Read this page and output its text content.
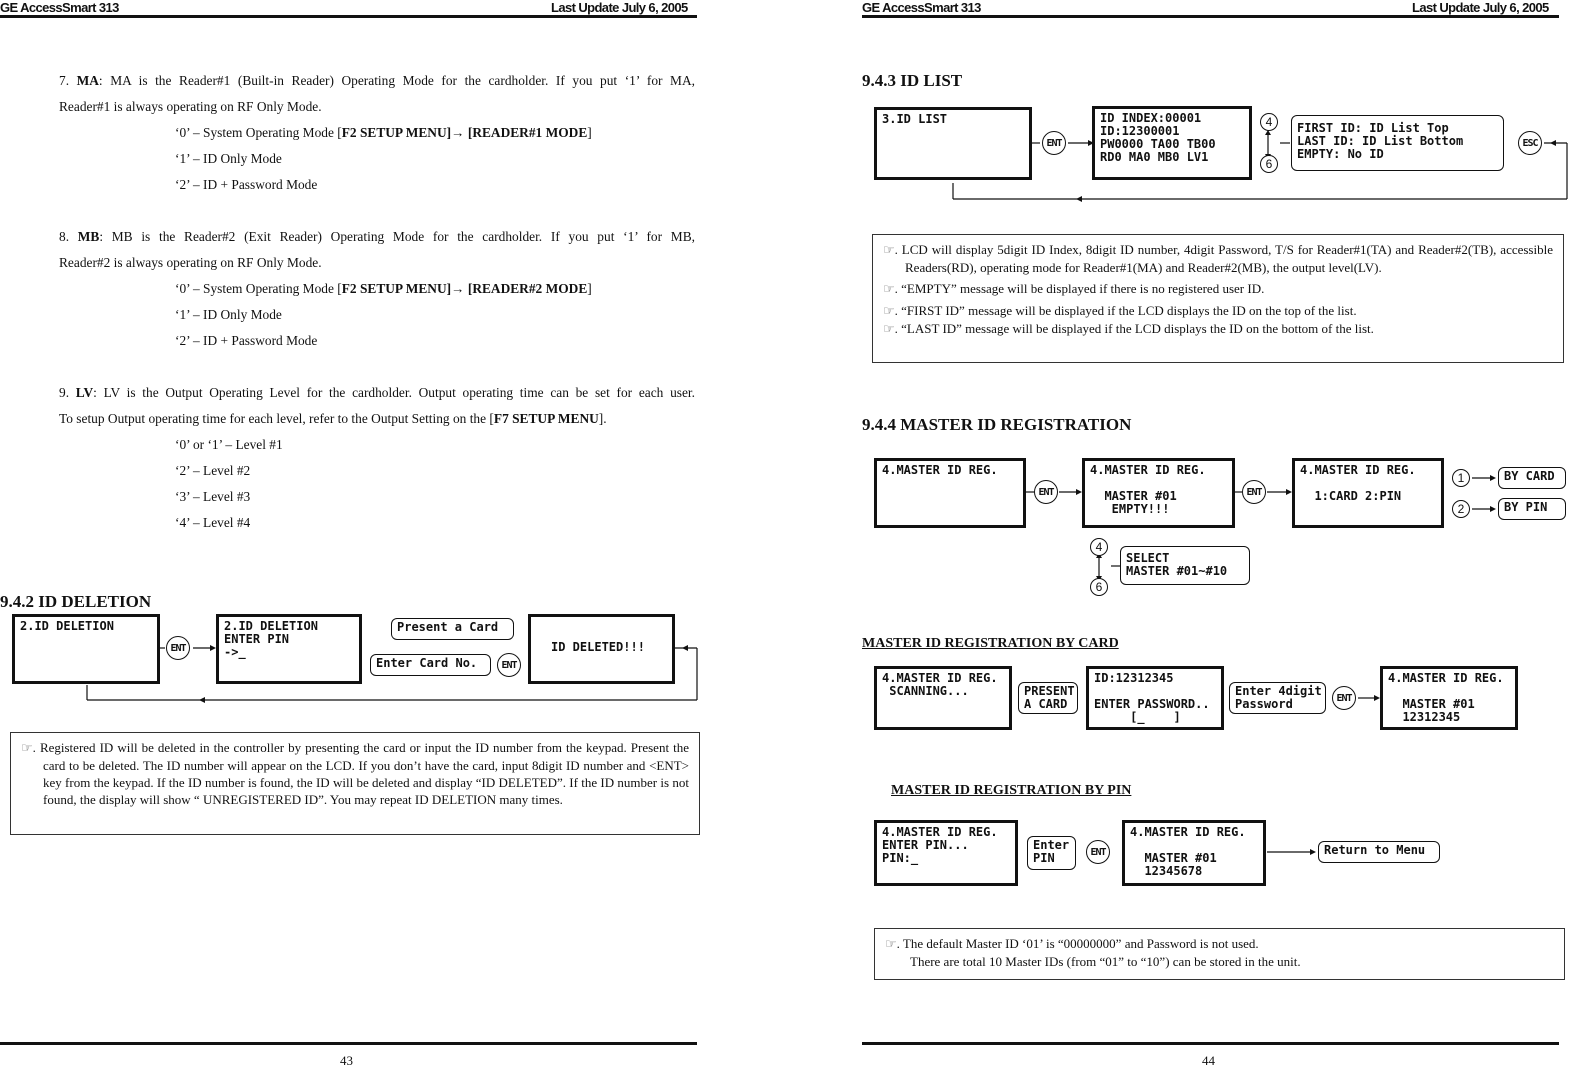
GE AccessSmart 313	Last Update July 6, 2005	GE AccessSmart 313	Last Update July 6, 2005
7. MA: MA is the Reader#1 (Built-in Reader) Operating Mode for the cardholder. If you put ‘1’ for MA,
Reader#1 is always operating on RF Only Mode.
‘0’ – System Operating Mode [F2 SETUP MENU]→ [READER#1 MODE]
‘1’ – ID Only Mode
‘2’ – ID + Password Mode
8. MB: MB is the Reader#2 (Exit Reader) Operating Mode for the cardholder. If you put ‘1’ for MB,
Reader#2 is always operating on RF Only Mode.
‘0’ – System Operating Mode [F2 SETUP MENU]→ [READER#2 MODE]
‘1’ – ID Only Mode
‘2’ – ID + Password Mode
9. LV: LV is the Output Operating Level for the cardholder. Output operating time can be set for each user.
To setup Output operating time for each level, refer to the Output Setting on the [F7 SETUP MENU].
‘0’ or ‘1’ – Level #1
‘2’ – Level #2
‘3’ – Level #3
‘4’ – Level #4
9.4.2 ID DELETION
2.ID DELETION
ENT
2.ID DELETION
ENTER PIN
->_
Present a Card
Enter Card No.	ENT
ID DELETED!!!
☞. Registered ID will be deleted in the controller by presenting the card or input the ID number from the keypad. Present the card to be deleted. The ID number will appear on the LCD. If you don’t have the card, input 8digit ID number and <ENT> key from the keypad. If the ID number is found, the ID will be deleted and display “ID DELETED”. If the ID number is not found, the display will show “ UNREGISTERED ID”. You may repeat ID DELETION many times.
43
9.4.3 ID LIST
3.ID LIST
ENT
ID INDEX:00001
ID:12300001
PW0000 TA00 TB00
RD0 MA0 MB0 LV1
4
6
FIRST ID: ID List Top
LAST ID: ID List Bottom
EMPTY: No ID
ESC
☞. LCD will display 5digit ID Index, 8digit ID number, 4digit Password, T/S for Reader#1(TA) and Reader#2(TB), accessible Readers(RD), operating mode for Reader#1(MA) and Reader#2(MB), the output level(LV).
☞. “EMPTY” message will be displayed if there is no registered user ID.
☞. “FIRST ID” message will be displayed if the LCD displays the ID on the top of the list.
☞. “LAST ID” message will be displayed if the LCD displays the ID on the bottom of the list.
9.4.4 MASTER ID REGISTRATION
4.MASTER ID REG.
ENT
4.MASTER ID REG.

MASTER #01
EMPTY!!!
ENT
4.MASTER ID REG.

1:CARD 2:PIN
1
2
BY CARD
BY PIN
4
6
SELECT
MASTER #01~#10
MASTER ID REGISTRATION BY CARD
4.MASTER ID REG.
SCANNING...	PRESENT
A CARD
ID:12312345

ENTER PASSWORD..
[_    ]
Enter 4digit
Password	ENT
4.MASTER ID REG.

MASTER #01
12312345
MASTER ID REGISTRATION BY PIN
4.MASTER ID REG.
ENTER PIN...
PIN:_
Enter
PIN	ENT
4.MASTER ID REG.

MASTER #01
12345678
Return to Menu
☞. The default Master ID ‘01’ is “00000000” and Password is not used.
There are total 10 Master IDs (from “01” to “10”) can be stored in the unit.
44
